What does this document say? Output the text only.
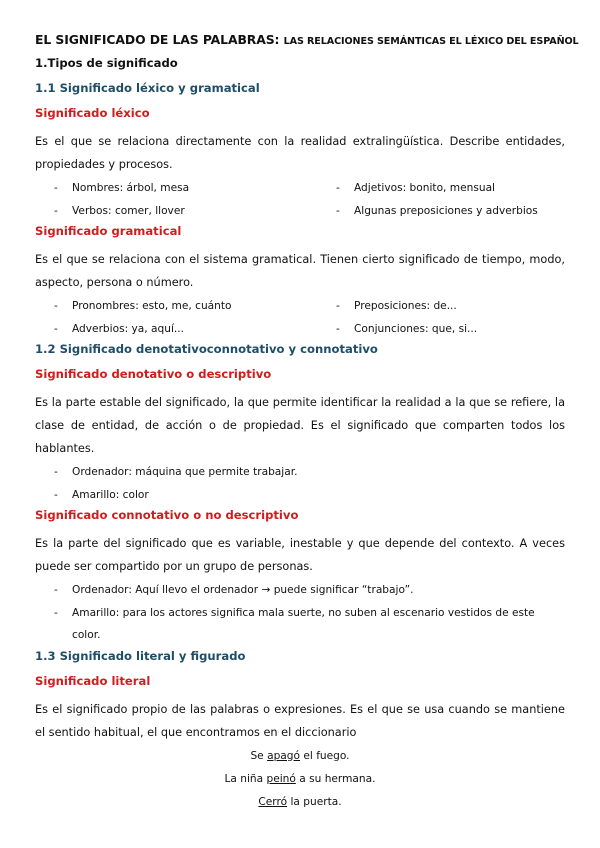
EL SIGNIFICADO DE LAS PALABRAS: LAS RELACIONES SEMÁNTICAS EL LÉXICO DEL ESPAÑOL
1.Tipos de significado
1.1 Significado léxico y gramatical
Significado léxico

Es el que se relaciona directamente con la realidad extralingüística. Describe entidades, propiedades y procesos.

- Nombres: árbol, mesa	- Adjetivos: bonito, mensual
- Verbos: comer, llover	- Algunas preposiciones y adverbios
Significado gramatical

Es el que se relaciona con el sistema gramatical. Tienen cierto significado de tiempo, modo, aspecto, persona o número.

- Pronombres: esto, me, cuánto	- Preposiciones: de...
- Adverbios: ya, aquí...	- Conjunciones: que, si...
1.2 Significado denotativoconnotativo y connotativo
Significado denotativo o descriptivo

Es la parte estable del significado, la que permite identificar la realidad a la que se refiere, la clase de entidad, de acción o de propiedad. Es el significado que comparten todos los hablantes.

- Ordenador: máquina que permite trabajar.
- Amarillo: color
Significado connotativo o no descriptivo

Es la parte del significado que es variable, inestable y que depende del contexto. A veces puede ser compartido por un grupo de personas.

- Ordenador: Aquí llevo el ordenador → puede significar “trabajo”.
- Amarillo: para los actores significa mala suerte, no suben al escenario vestidos de este color.
1.3 Significado literal y figurado
Significado literal

Es el significado propio de las palabras o expresiones. Es el que se usa cuando se mantiene el sentido habitual, el que encontramos en el diccionario

Se apagó el fuego.
La niña peinó a su hermana.
Cerró la puerta.
